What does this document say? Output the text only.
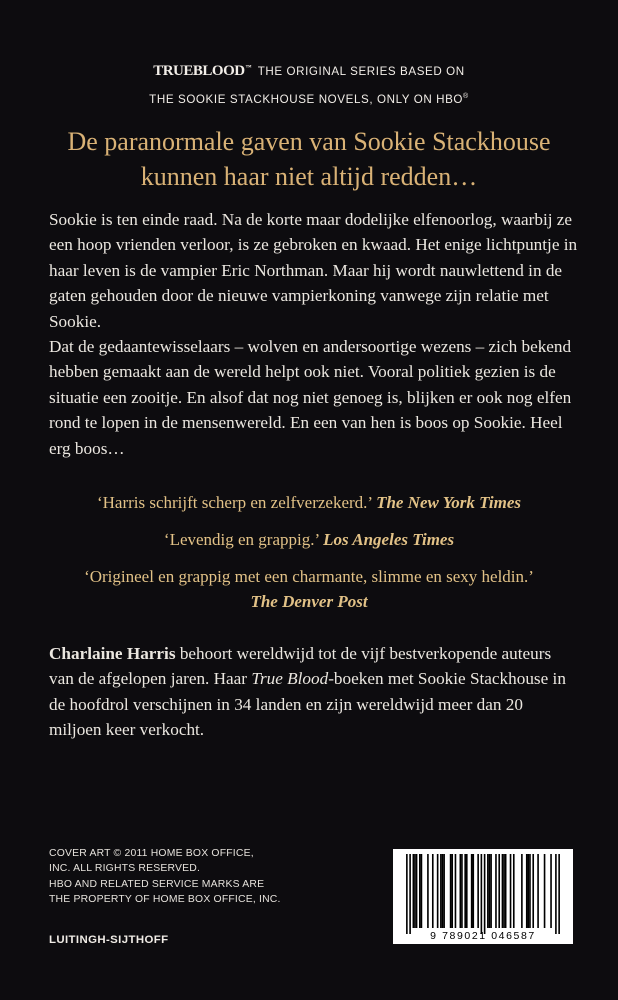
TRUEBLOOD™ THE ORIGINAL SERIES BASED ON
THE SOOKIE STACKHOUSE NOVELS, ONLY ON HBO®
De paranormale gaven van Sookie Stackhouse
kunnen haar niet altijd redden…

Sookie is ten einde raad. Na de korte maar dodelijke elfenoorlog, waarbij ze een hoop vrienden verloor, is ze gebroken en kwaad. Het enige lichtpuntje in haar leven is de vampier Eric Northman. Maar hij wordt nauwlettend in de gaten gehouden door de nieuwe vampierkoning vanwege zijn relatie met Sookie.

Dat de gedaantewisselaars – wolven en andersoortige wezens – zich bekend hebben gemaakt aan de wereld helpt ook niet. Vooral politiek gezien is de situatie een zooitje. En alsof dat nog niet genoeg is, blijken er ook nog elfen rond te lopen in de mensenwereld. En een van hen is boos op Sookie. Heel erg boos…

‘Harris schrijft scherp en zelfverzekerd.’ The New York Times
‘Levendig en grappig.’ Los Angeles Times
‘Origineel en grappig met een charmante, slimme en sexy heldin.’
The Denver Post
Charlaine Harris behoort wereldwijd tot de vijf bestverkopende auteurs van de afgelopen jaren. Haar True Blood-boeken met Sookie Stackhouse in de hoofdrol verschijnen in 34 landen en zijn wereldwijd meer dan 20 miljoen keer verkocht.
COVER ART © 2011 HOME BOX OFFICE,
INC. ALL RIGHTS RESERVED.
HBO AND RELATED SERVICE MARKS ARE
THE PROPERTY OF HOME BOX OFFICE, INC.
LUITINGH-SIJTHOFF	9 789021 046587
